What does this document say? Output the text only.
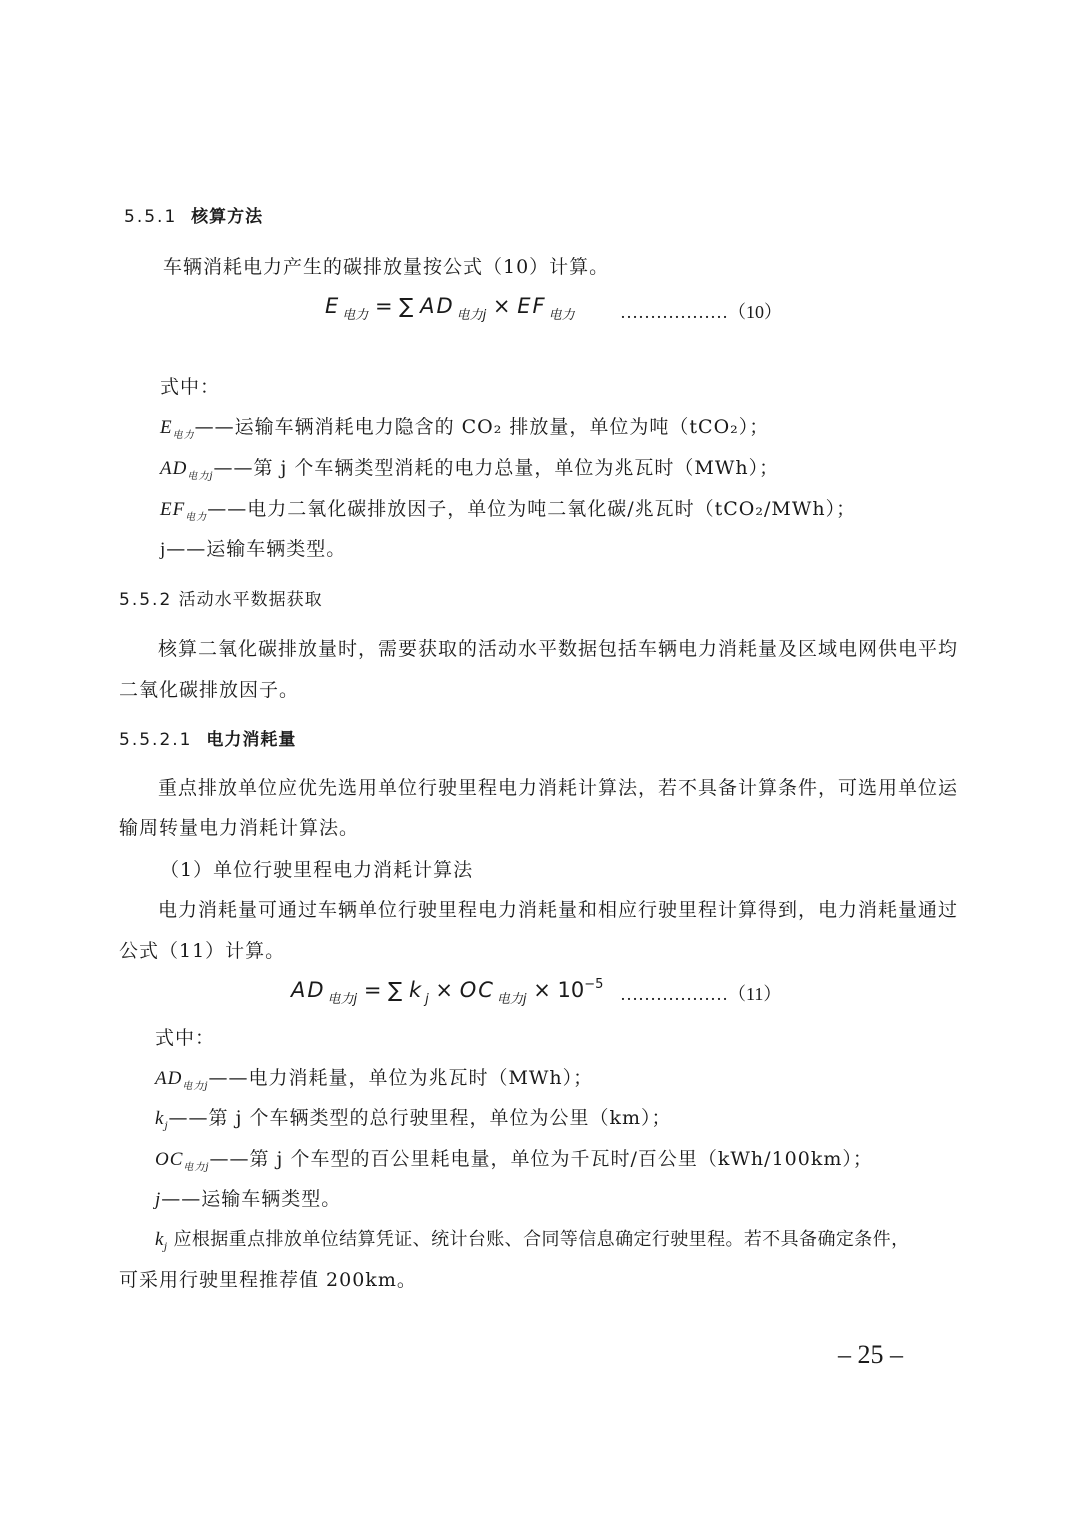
5.5.1 核算方法
车辆消耗电力产生的碳排放量按公式（10）计算。
E $_{电力}$ = ∑ AD $_{电力j}$ × EF $_{电力}$	………………（10）
式中：
$E_{电力}——$运输车辆消耗电力隐含的 CO₂ 排放量，单位为吨（tCO₂）；
$AD_{电力j}——$第 j 个车辆类型消耗的电力总量，单位为兆瓦时（MWh）；
$EF_{电力}——$电力二氧化碳排放因子，单位为吨二氧化碳/兆瓦时（tCO₂/MWh）；
j——运输车辆类型。
5.5.2 活动水平数据获取
核算二氧化碳排放量时，需要获取的活动水平数据包括车辆电力消耗量及区域电网供电平均
二氧化碳排放因子。
5.5.2.1 电力消耗量
重点排放单位应优先选用单位行驶里程电力消耗计算法，若不具备计算条件，可选用单位运
输周转量电力消耗计算法。
（1）单位行驶里程电力消耗计算法
电力消耗量可通过车辆单位行驶里程电力消耗量和相应行驶里程计算得到，电力消耗量通过
公式（11）计算。
AD $_{电力j}$ = ∑ k $_j$ × OC $_{电力j} \times 10^{-5}$ ………………（11）
式中：
$AD_{电力j}——$电力消耗量，单位为兆瓦时（MWh）；
$k_j——$第 j 个车辆类型的总行驶里程，单位为公里（km）；
$OC_{电力j}——$第 j 个车型的百公里耗电量，单位为千瓦时/百公里（kWh/100km）；
j——运输车辆类型。
$k_j$ 应根据重点排放单位结算凭证、统计台账、合同等信息确定行驶里程。若不具备确定条件，
可采用行驶里程推荐值 200km。
– 25 –
